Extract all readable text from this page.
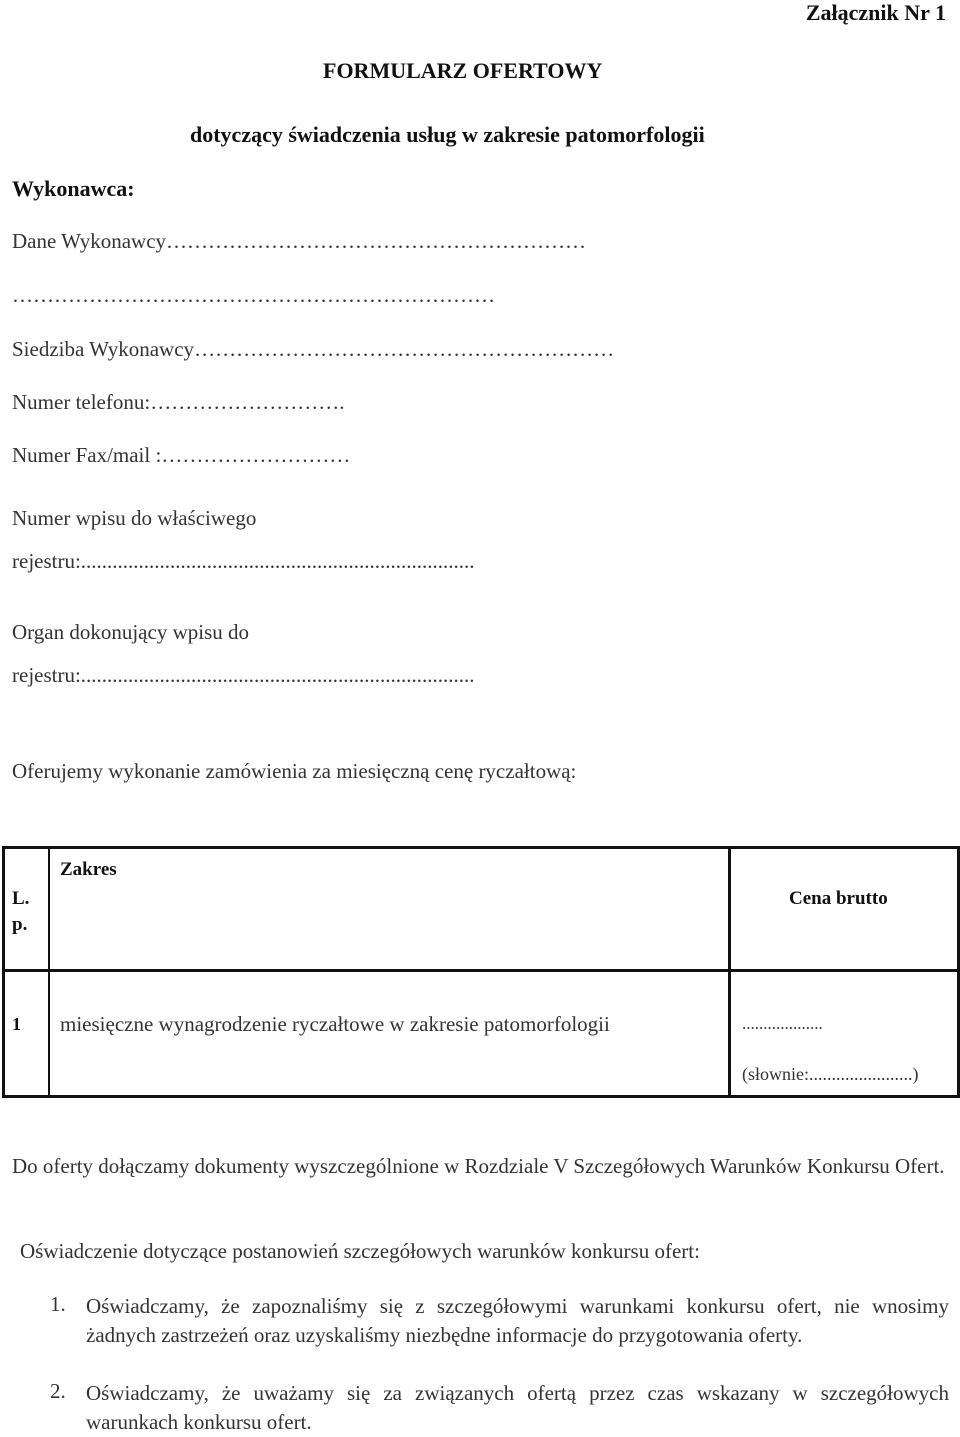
Załącznik Nr 1
FORMULARZ OFERTOWY
dotyczący świadczenia usług w zakresie patomorfologii
Wykonawca:
Dane Wykonawcy……………………………………………………
……………………………………………………………
Siedziba Wykonawcy……………………………………………………
Numer telefonu:……………………….
Numer Fax/mail :………………………
Numer wpisu do właściwego
rejestru:...........................................................................
Organ dokonujący wpisu do
rejestru:...........................................................................
Oferujemy wykonanie zamówienia za miesięczną cenę ryczałtową:
L.
p.
Zakres
Cena brutto
1 miesięczne wynagrodzenie ryczałtowe w zakresie patomorfologii	...................
(słownie:.......................)
Do oferty dołączamy dokumenty wyszczególnione w Rozdziale V Szczegółowych Warunków Konkursu Ofert.
Oświadczenie dotyczące postanowień szczegółowych warunków konkursu ofert:
1. Oświadczamy, że zapoznaliśmy się z szczegółowymi warunkami konkursu ofert, nie wnosimy żadnych zastrzeżeń oraz uzyskaliśmy niezbędne informacje do przygotowania oferty.
2. Oświadczamy, że uważamy się za związanych ofertą przez czas wskazany w szczegółowych warunkach konkursu ofert.
